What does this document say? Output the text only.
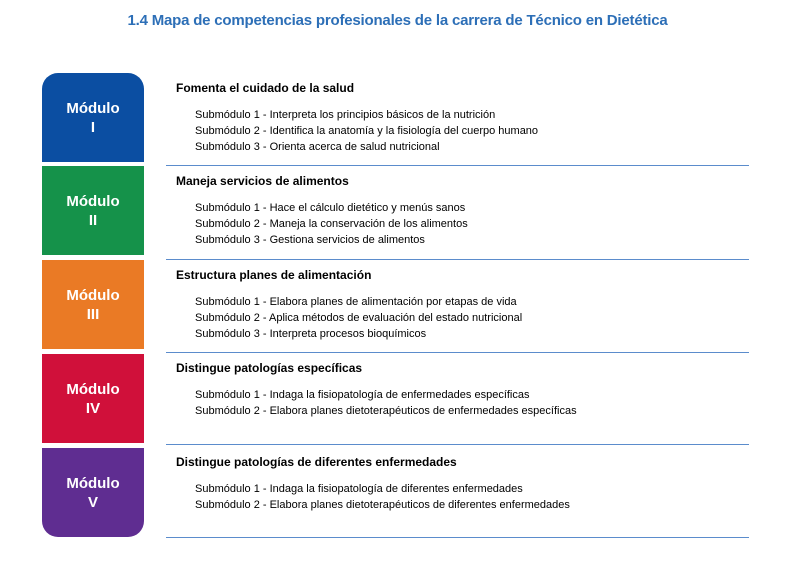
1.4 Mapa de competencias profesionales de la carrera de Técnico en Dietética
Módulo
I
Módulo
II
Módulo
III
Módulo
IV
Módulo
V
Fomenta el cuidado de la salud
Submódulo 1 - Interpreta los principios básicos de la nutrición
Submódulo 2 - Identifica la anatomía y la fisiología del cuerpo humano
Submódulo 3 - Orienta acerca de salud nutricional
Maneja servicios de alimentos
Submódulo 1 - Hace el cálculo dietético y menús sanos
Submódulo 2 - Maneja la conservación de los alimentos
Submódulo 3 - Gestiona servicios de alimentos
Estructura planes de alimentación
Submódulo 1 - Elabora planes de alimentación por etapas de vida
Submódulo 2 - Aplica métodos de evaluación del estado nutricional
Submódulo 3 - Interpreta procesos bioquímicos
Distingue patologías específicas
Submódulo 1 - Indaga la fisiopatología de enfermedades específicas
Submódulo 2 - Elabora planes dietoterapéuticos de enfermedades específicas
Distingue patologías de diferentes enfermedades
Submódulo 1 - Indaga la fisiopatología de diferentes enfermedades
Submódulo 2 - Elabora planes dietoterapéuticos de diferentes enfermedades
